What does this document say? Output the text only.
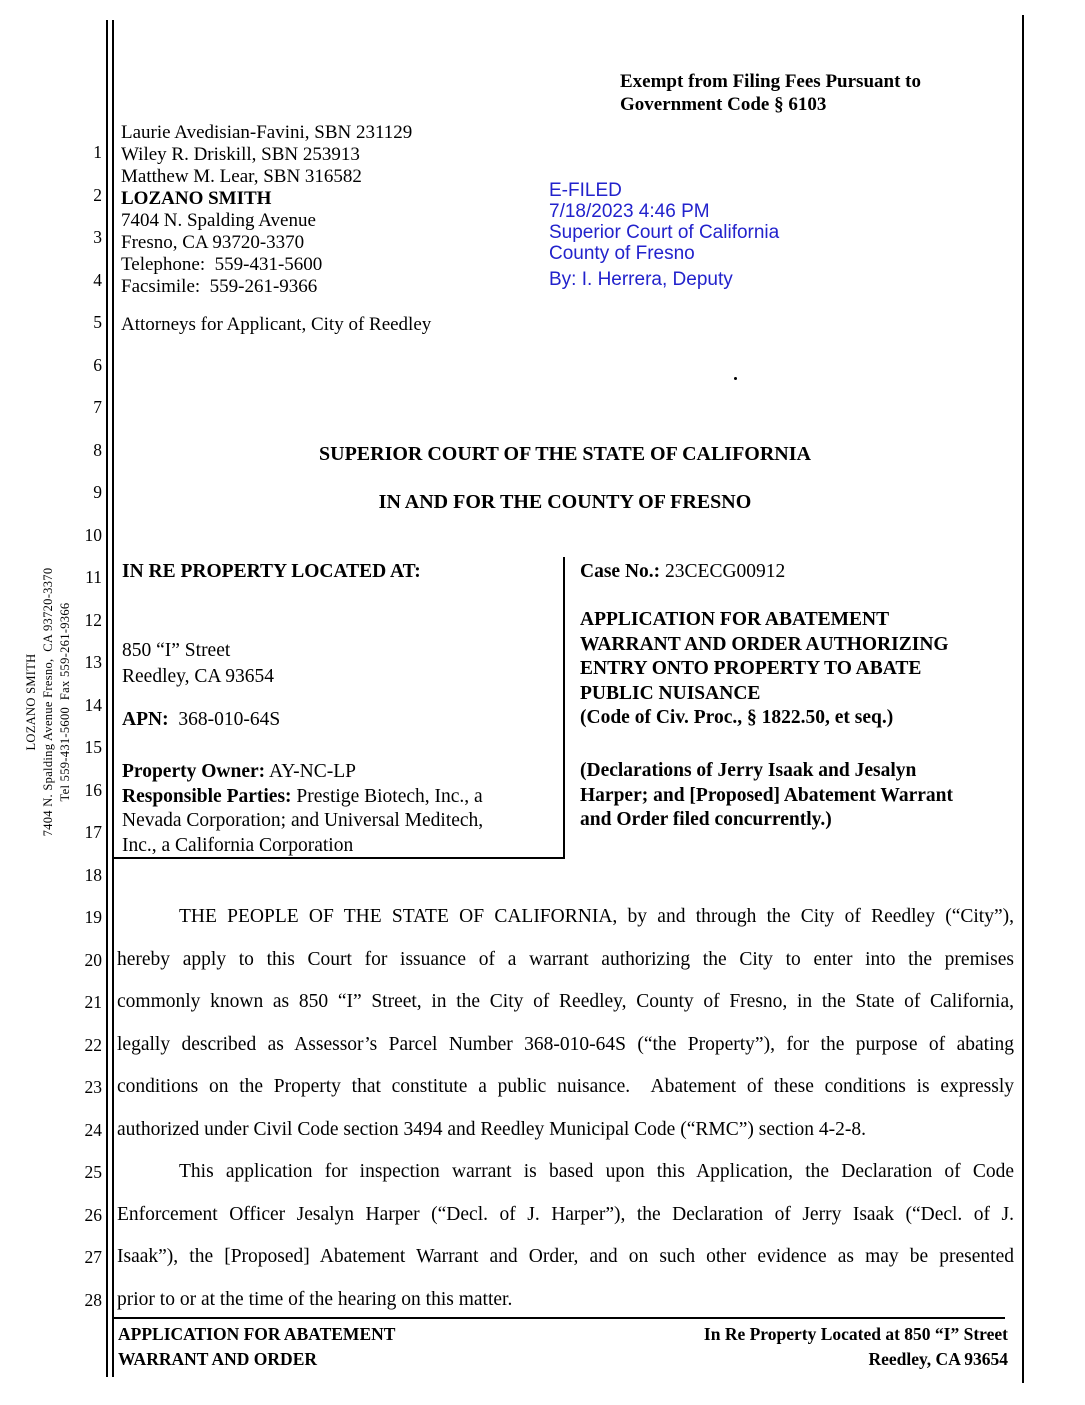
1
2
3
4
5
6
7
8
9
10
11
12
13
14
15
16
17
18
19
20
21
22
23
24
25
26
27
28
LOZANO SMITH 7404 N. Spalding Avenue Fresno,  CA 93720-3370 Tel 559-431-5600  Fax 559-261-9366
Exempt from Filing Fees Pursuant to
Government Code § 6103
Laurie Avedisian-Favini, SBN 231129
Wiley R. Driskill, SBN 253913
Matthew M. Lear, SBN 316582
LOZANO SMITH
7404 N. Spalding Avenue
Fresno, CA 93720-3370
Telephone:  559-431-5600
Facsimile:  559-261-9366
Attorneys for Applicant, City of Reedley
E-FILED
7/18/2023 4:46 PM
Superior Court of California
County of Fresno
By: I. Herrera, Deputy
SUPERIOR COURT OF THE STATE OF CALIFORNIA
IN AND FOR THE COUNTY OF FRESNO
IN RE PROPERTY LOCATED AT:
850 “I” Street
Reedley, CA 93654
APN:  368-010-64S
Property Owner: AY-NC-LP
Responsible Parties: Prestige Biotech, Inc., a
Nevada Corporation; and Universal Meditech,
Inc., a California Corporation
Case No.: 23CECG00912
APPLICATION FOR ABATEMENT
WARRANT AND ORDER AUTHORIZING
ENTRY ONTO PROPERTY TO ABATE
PUBLIC NUISANCE
(Code of Civ. Proc., § 1822.50, et seq.)
(Declarations of Jerry Isaak and Jesalyn
Harper; and [Proposed] Abatement Warrant
and Order filed concurrently.)
THE PEOPLE OF THE STATE OF CALIFORNIA, by and through the City of Reedley (“City”),
hereby apply to this Court for issuance of a warrant authorizing the City to enter into the premises
commonly known as 850 “I” Street, in the City of Reedley, County of Fresno, in the State of California,
legally described as Assessor’s Parcel Number 368-010-64S (“the Property”), for the purpose of abating
conditions on the Property that constitute a public nuisance.  Abatement of these conditions is expressly
authorized under Civil Code section 3494 and Reedley Municipal Code (“RMC”) section 4-2-8.
This application for inspection warrant is based upon this Application, the Declaration of Code
Enforcement Officer Jesalyn Harper (“Decl. of J. Harper”), the Declaration of Jerry Isaak (“Decl. of J.
Isaak”), the [Proposed] Abatement Warrant and Order, and on such other evidence as may be presented
prior to or at the time of the hearing on this matter.
APPLICATION FOR ABATEMENT
WARRANT AND ORDER
In Re Property Located at 850 “I” Street
Reedley, CA 93654
